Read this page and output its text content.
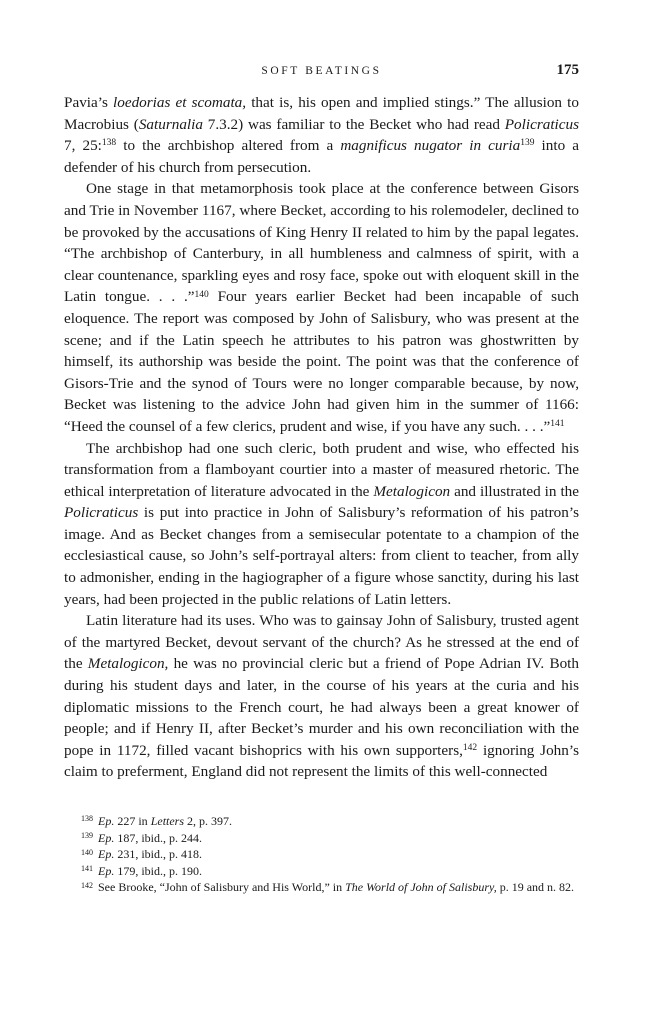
SOFT BEATINGS	175

Pavia’s loedorias et scomata, that is, his open and implied stings.” The allusion to Macrobius (Saturnalia 7.3.2) was familiar to the Becket who had read Policraticus 7, 25:$^{138}$ to the archbishop altered from a magnificus nugator in curia$^{139}$ into a defender of his church from persecution.

One stage in that metamorphosis took place at the conference between Gisors and Trie in November 1167, where Becket, according to his rolemodeler, declined to be provoked by the accusations of King Henry II related to him by the papal legates. “The archbishop of Canterbury, in all humbleness and calmness of spirit, with a clear countenance, sparkling eyes and rosy face, spoke out with eloquent skill in the Latin tongue. . . .”$^{140}$ Four years earlier Becket had been incapable of such eloquence. The report was composed by John of Salisbury, who was present at the scene; and if the Latin speech he attributes to his patron was ghostwritten by himself, its authorship was beside the point. The point was that the conference of Gisors-Trie and the synod of Tours were no longer comparable because, by now, Becket was listening to the advice John had given him in the summer of 1166: “Heed the counsel of a few clerics, prudent and wise, if you have any such. . . .”$^{141}$

The archbishop had one such cleric, both prudent and wise, who effected his transformation from a flamboyant courtier into a master of measured rhetoric. The ethical interpretation of literature advocated in the Metalogicon and illustrated in the Policraticus is put into practice in John of Salisbury’s reformation of his patron’s image. And as Becket changes from a semisecular potentate to a champion of the ecclesiastical cause, so John’s self-portrayal alters: from client to teacher, from ally to admonisher, ending in the hagiographer of a figure whose sanctity, during his last years, had been projected in the public relations of Latin letters.

Latin literature had its uses. Who was to gainsay John of Salisbury, trusted agent of the martyred Becket, devout servant of the church? As he stressed at the end of the Metalogicon, he was no provincial cleric but a friend of Pope Adrian IV. Both during his student days and later, in the course of his years at the curia and his diplomatic missions to the French court, he had always been a great knower of people; and if Henry II, after Becket’s murder and his own reconciliation with the pope in 1172, filled vacant bishoprics with his own supporters,$^{142}$ ignoring John’s claim to preferment, England did not represent the limits of this well-connected

$^{138}$ Ep. 227 in Letters 2, p. 397.
$^{139}$ Ep. 187, ibid., p. 244.
$^{140}$ Ep. 231, ibid., p. 418.
$^{141}$ Ep. 179, ibid., p. 190.
$^{142}$ See Brooke, “John of Salisbury and His World,” in The World of John of Salisbury, p. 19 and n. 82.
